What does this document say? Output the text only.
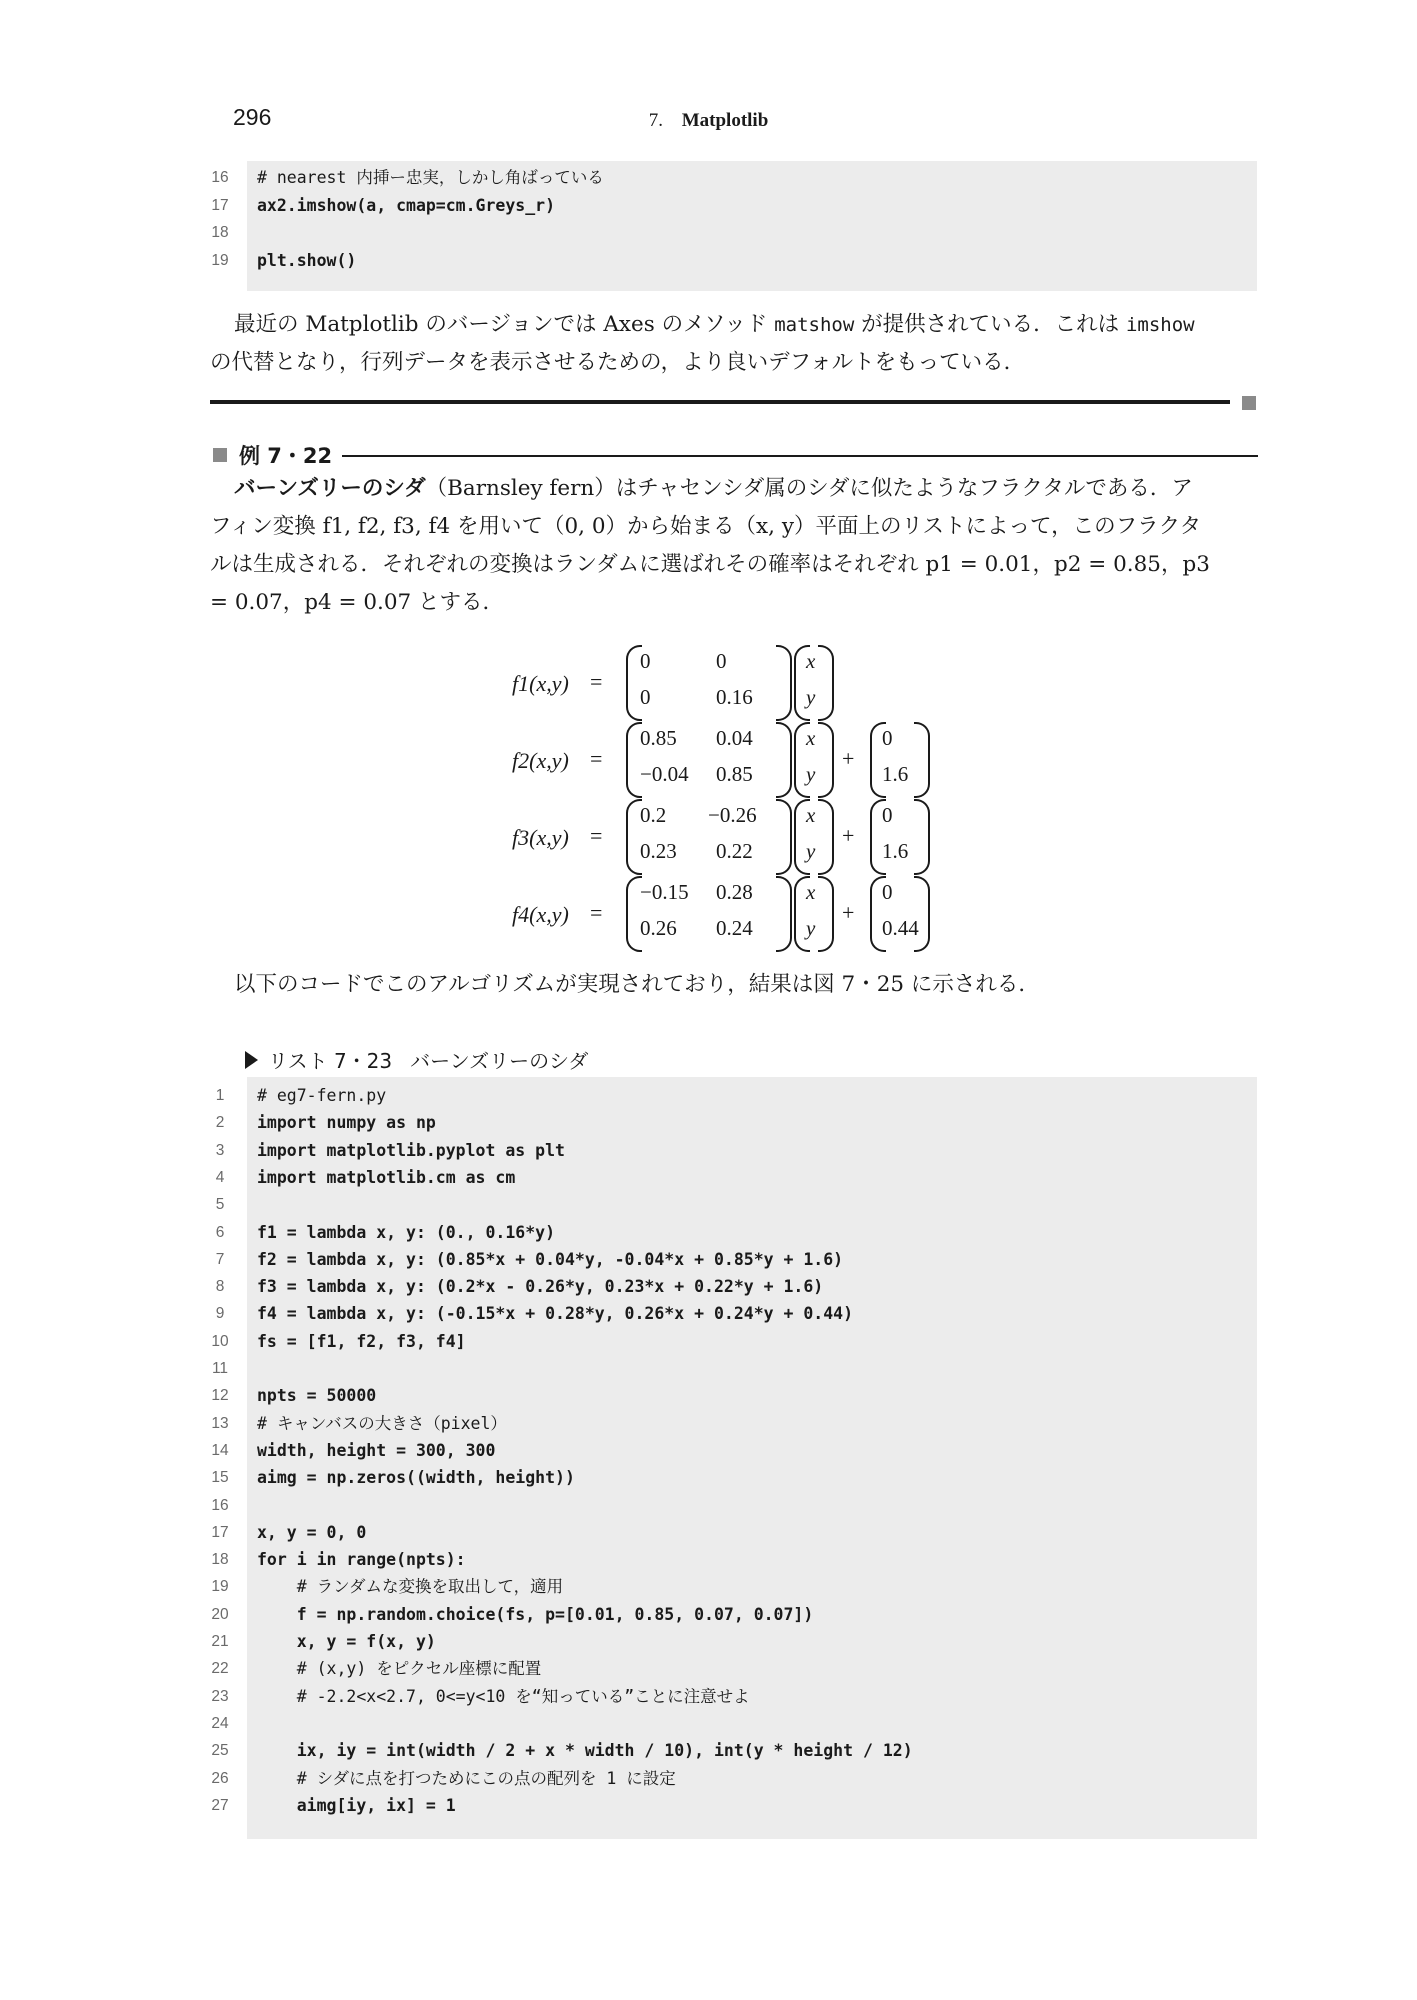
296	7. Matplotlib
16	# nearest 内挿ー忠実，しかし角ばっている
17	ax2.imshow(a, cmap=cm.Greys_r)
18
19	plt.show()

最近の Matplotlib のバージョンでは Axes のメソッド matshow が提供されている．これは imshow

の代替となり，行列データを表示させるための，より良いデフォルトをもっている．

例 7・22

バーンズリーのシダ（Barnsley fern）はチャセンシダ属のシダに似たようなフラクタルである．ア

フィン変換 f1, f2, f3, f4 を用いて（0, 0）から始まる（x, y）平面上のリストによって，このフラクタ

ルは生成される．それぞれの変換はランダムに選ばれその確率はそれぞれ p1 = 0.01，p2 = 0.85，p3

= 0.07，p4 = 0.07 とする．

f1(x,y) =
0	0
0	0.16
x
y
f2(x,y) =
0.85 0.04
−0.04 0.85
x
y
+
0
1.6
f3(x,y) =
0.2 −0.26
0.23 0.22
x
y
+
0
1.6
f4(x,y) =
−0.15 0.28
0.26 0.24
x
y
+
0
0.44

以下のコードでこのアルゴリズムが実現されており，結果は図 7・25 に示される．

リスト 7・23 バーンズリーのシダ
1	# eg7-fern.py
2	import numpy as np
3	import matplotlib.pyplot as plt
4	import matplotlib.cm as cm
5
6	f1 = lambda x, y: (0., 0.16*y)
7	f2 = lambda x, y: (0.85*x + 0.04*y, -0.04*x + 0.85*y + 1.6)
8	f3 = lambda x, y: (0.2*x - 0.26*y, 0.23*x + 0.22*y + 1.6)
9	f4 = lambda x, y: (-0.15*x + 0.28*y, 0.26*x + 0.24*y + 0.44)
10	fs = [f1, f2, f3, f4]
11
12	npts = 50000
13	# キャンバスの大きさ（pixel）
14	width, height = 300, 300
15	aimg = np.zeros((width, height))
16
17	x, y = 0, 0
18	for i in range(npts):
19	# ランダムな変換を取出して，適用
20	f = np.random.choice(fs, p=[0.01, 0.85, 0.07, 0.07])
21	x, y = f(x, y)
22	# (x,y) をピクセル座標に配置
23	# -2.2<x<2.7, 0<=y<10 を“知っている”ことに注意せよ
24
25	ix, iy = int(width / 2 + x * width / 10), int(y * height / 12)
26	# シダに点を打つためにこの点の配列を 1 に設定
27	aimg[iy, ix] = 1
